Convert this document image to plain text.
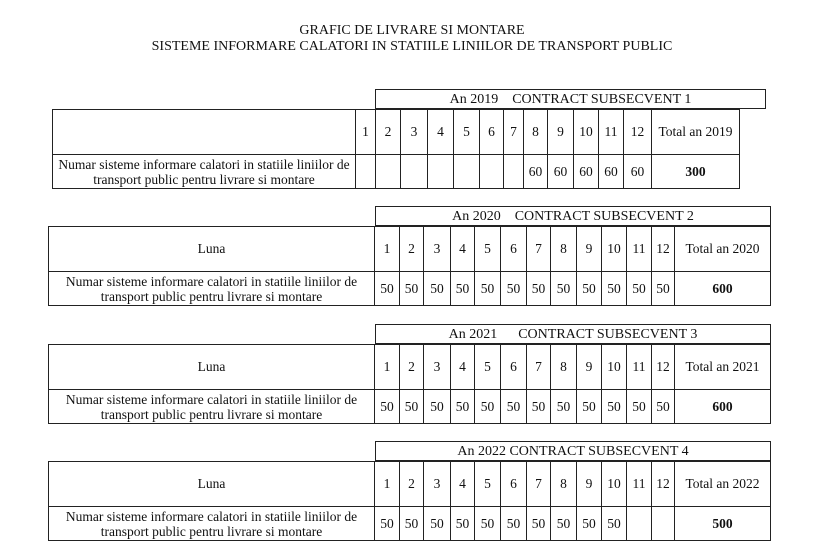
GRAFIC DE LIVRARE SI MONTARE
SISTEME INFORMARE CALATORI IN STATIILE LINIILOR DE TRANSPORT PUBLIC
An 2019    CONTRACT SUBSECVENT 1
	1	2	3	4	5	6	7	8	9	10	11	12	Total an 2019
Numar sisteme informare calatori in statiile liniilor de transport public pentru livrare si montare								60	60	60	60	60	300
An 2020    CONTRACT SUBSECVENT 2
Luna	1	2	3	4	5	6	7	8	9	10	11	12	Total an 2020
Numar sisteme informare calatori in statiile liniilor de transport public pentru livrare si montare	50	50	50	50	50	50	50	50	50	50	50	50	600
An 2021      CONTRACT SUBSECVENT 3
Luna	1	2	3	4	5	6	7	8	9	10	11	12	Total an 2021
Numar sisteme informare calatori in statiile liniilor de transport public pentru livrare si montare	50	50	50	50	50	50	50	50	50	50	50	50	600
An 2022 CONTRACT SUBSECVENT 4
Luna	1	2	3	4	5	6	7	8	9	10	11	12	Total an 2022
Numar sisteme informare calatori in statiile liniilor de transport public pentru livrare si montare	50	50	50	50	50	50	50	50	50	50			500
